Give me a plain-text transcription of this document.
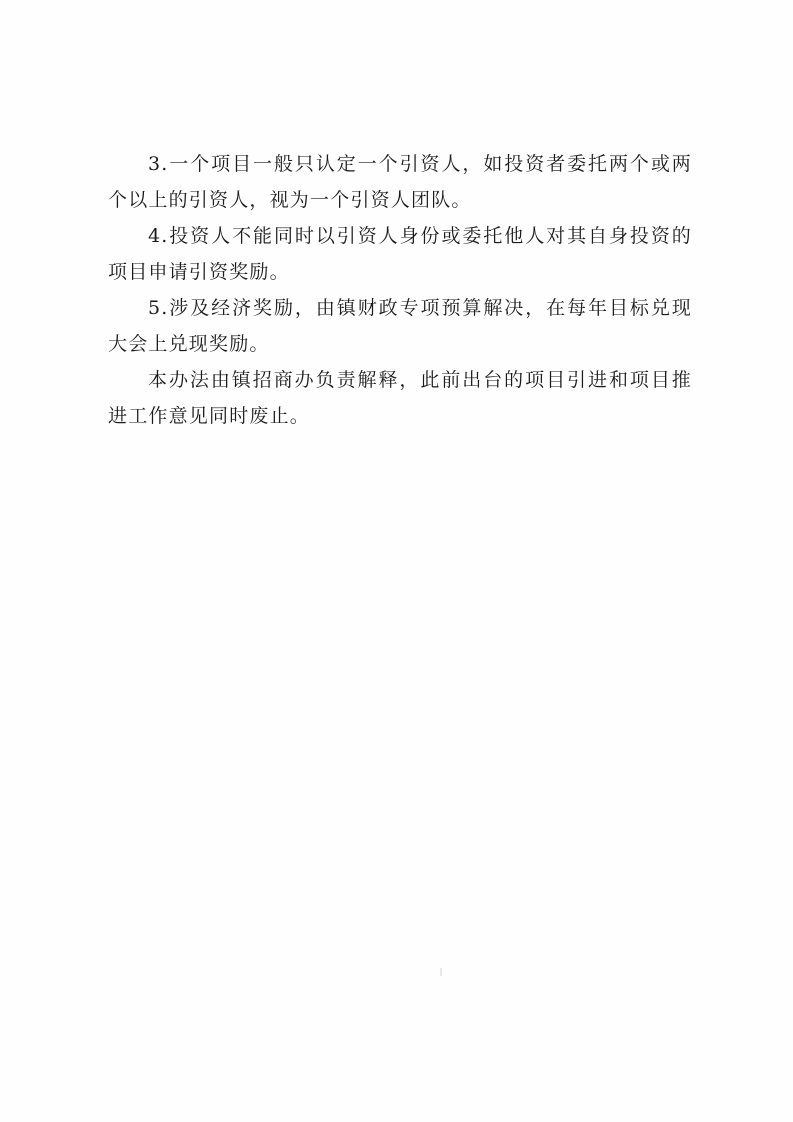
3.一个项目一般只认定一个引资人，如投资者委托两个或两个以上的引资人，视为一个引资人团队。

4.投资人不能同时以引资人身份或委托他人对其自身投资的项目申请引资奖励。

5.涉及经济奖励，由镇财政专项预算解决，在每年目标兑现大会上兑现奖励。

本办法由镇招商办负责解释，此前出台的项目引进和项目推进工作意见同时废止。
